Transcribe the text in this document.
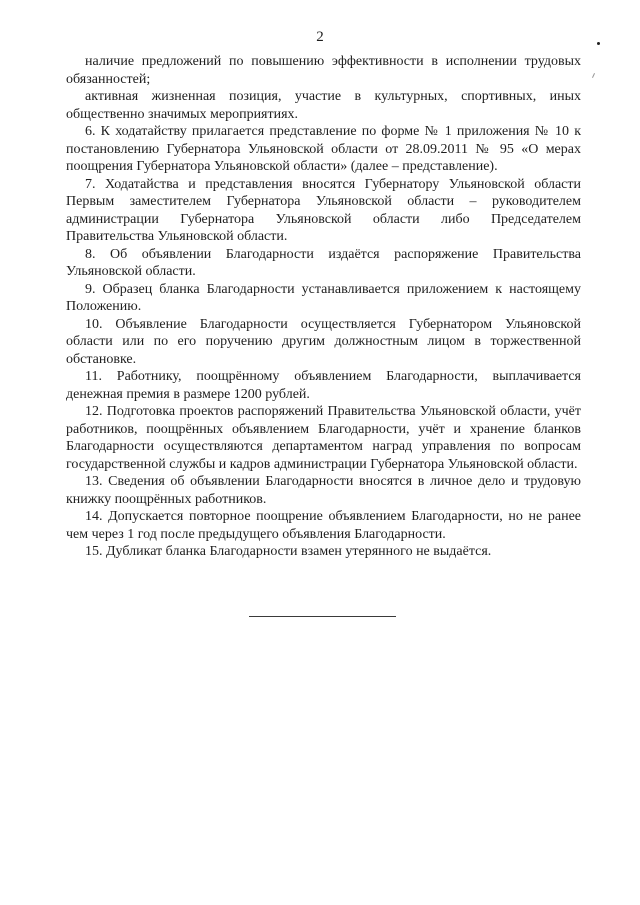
2

наличие предложений по повышению эффективности в исполнении трудовых обязанностей;

активная жизненная позиция, участие в культурных, спортивных, иных общественно значимых мероприятиях.

6. К ходатайству прилагается представление по форме № 1 приложения № 10 к постановлению Губернатора Ульяновской области от 28.09.2011 № 95 «О мерах поощрения Губернатора Ульяновской области» (далее – представление).

7. Ходатайства и представления вносятся Губернатору Ульяновской области Первым заместителем Губернатора Ульяновской области – руководителем администрации Губернатора Ульяновской области либо Председателем Правительства Ульяновской области.

8. Об объявлении Благодарности издаётся распоряжение Правительства Ульяновской области.

9. Образец бланка Благодарности устанавливается приложением к настоящему Положению.

10. Объявление Благодарности осуществляется Губернатором Ульяновской области или по его поручению другим должностным лицом в торжественной обстановке.

11. Работнику, поощрённому объявлением Благодарности, выплачивается денежная премия в размере 1200 рублей.

12. Подготовка проектов распоряжений Правительства Ульяновской области, учёт работников, поощрённых объявлением Благодарности, учёт и хранение бланков Благодарности осуществляются департаментом наград управления по вопросам государственной службы и кадров администрации Губернатора Ульяновской области.

13. Сведения об объявлении Благодарности вносятся в личное дело и трудовую книжку поощрённых работников.

14. Допускается повторное поощрение объявлением Благодарности, но не ранее чем через 1 год после предыдущего объявления Благодарности.

15. Дубликат бланка Благодарности взамен утерянного не выдаётся.
